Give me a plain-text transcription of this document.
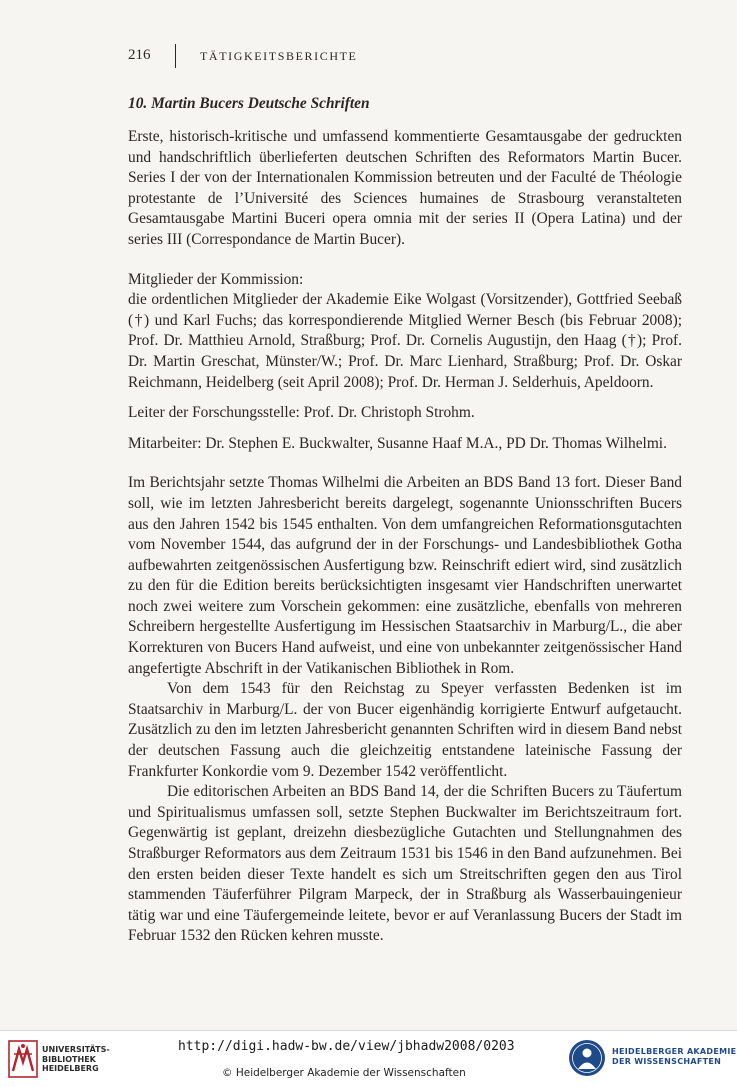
216	TÄTIGKEITSBERICHTE
10. Martin Bucers Deutsche Schriften

Erste, historisch-kritische und umfassend kommentierte Gesamtausgabe der gedruckten und handschriftlich überlieferten deutschen Schriften des Reformators Martin Bucer. Series I der von der Internationalen Kommission betreuten und der Faculté de Théologie protestante de l’Université des Sciences humaines de Strasbourg veranstalteten Gesamtausgabe Martini Buceri opera omnia mit der series II (Opera Latina) und der series III (Correspondance de Martin Bucer).

Mitglieder der Kommission:

die ordentlichen Mitglieder der Akademie Eike Wolgast (Vorsitzender), Gottfried Seebaß (†) und Karl Fuchs; das korrespondierende Mitglied Werner Besch (bis Februar 2008); Prof. Dr. Matthieu Arnold, Straßburg; Prof. Dr. Cornelis Augustijn, den Haag (†); Prof. Dr. Martin Greschat, Münster/W.; Prof. Dr. Marc Lienhard, Straßburg; Prof. Dr. Oskar Reichmann, Heidelberg (seit April 2008); Prof. Dr. Herman J. Selderhuis, Apeldoorn.

Leiter der Forschungsstelle: Prof. Dr. Christoph Strohm.

Mitarbeiter: Dr. Stephen E. Buckwalter, Susanne Haaf M.A., PD Dr. Thomas Wilhelmi.

Im Berichtsjahr setzte Thomas Wilhelmi die Arbeiten an BDS Band 13 fort. Dieser Band soll, wie im letzten Jahresbericht bereits dargelegt, sogenannte Unionsschriften Bucers aus den Jahren 1542 bis 1545 enthalten. Von dem umfangreichen Reformationsgutachten vom November 1544, das aufgrund der in der Forschungs- und Landesbibliothek Gotha aufbewahrten zeitgenössischen Ausfertigung bzw. Reinschrift ediert wird, sind zusätzlich zu den für die Edition bereits berücksichtigten insgesamt vier Handschriften unerwartet noch zwei weitere zum Vorschein gekommen: eine zusätzliche, ebenfalls von mehreren Schreibern hergestellte Ausfertigung im Hessischen Staatsarchiv in Marburg/L., die aber Korrekturen von Bucers Hand aufweist, und eine von unbekannter zeitgenössischer Hand angefertigte Abschrift in der Vatikanischen Bibliothek in Rom.

Von dem 1543 für den Reichstag zu Speyer verfassten Bedenken ist im Staatsarchiv in Marburg/L. der von Bucer eigenhändig korrigierte Entwurf aufgetaucht. Zusätzlich zu den im letzten Jahresbericht genannten Schriften wird in diesem Band nebst der deutschen Fassung auch die gleichzeitig entstandene lateinische Fassung der Frankfurter Konkordie vom 9. Dezember 1542 veröffentlicht.

Die editorischen Arbeiten an BDS Band 14, der die Schriften Bucers zu Täufertum und Spiritualismus umfassen soll, setzte Stephen Buckwalter im Berichtszeitraum fort. Gegenwärtig ist geplant, dreizehn diesbezügliche Gutachten und Stellungnahmen des Straßburger Reformators aus dem Zeitraum 1531 bis 1546 in den Band aufzunehmen. Bei den ersten beiden dieser Texte handelt es sich um Streitschriften gegen den aus Tirol stammenden Täuferführer Pilgram Marpeck, der in Straßburg als Wasserbauingenieur tätig war und eine Täufergemeinde leitete, bevor er auf Veranlassung Bucers der Stadt im Februar 1532 den Rücken kehren musste.

UNIVERSITÄTS-
BIBLIOTHEK
HEIDELBERG
http://digi.hadw-bw.de/view/jbhadw2008/0203
© Heidelberger Akademie der Wissenschaften
HEIDELBERGER AKADEMIE
DER WISSENSCHAFTEN
